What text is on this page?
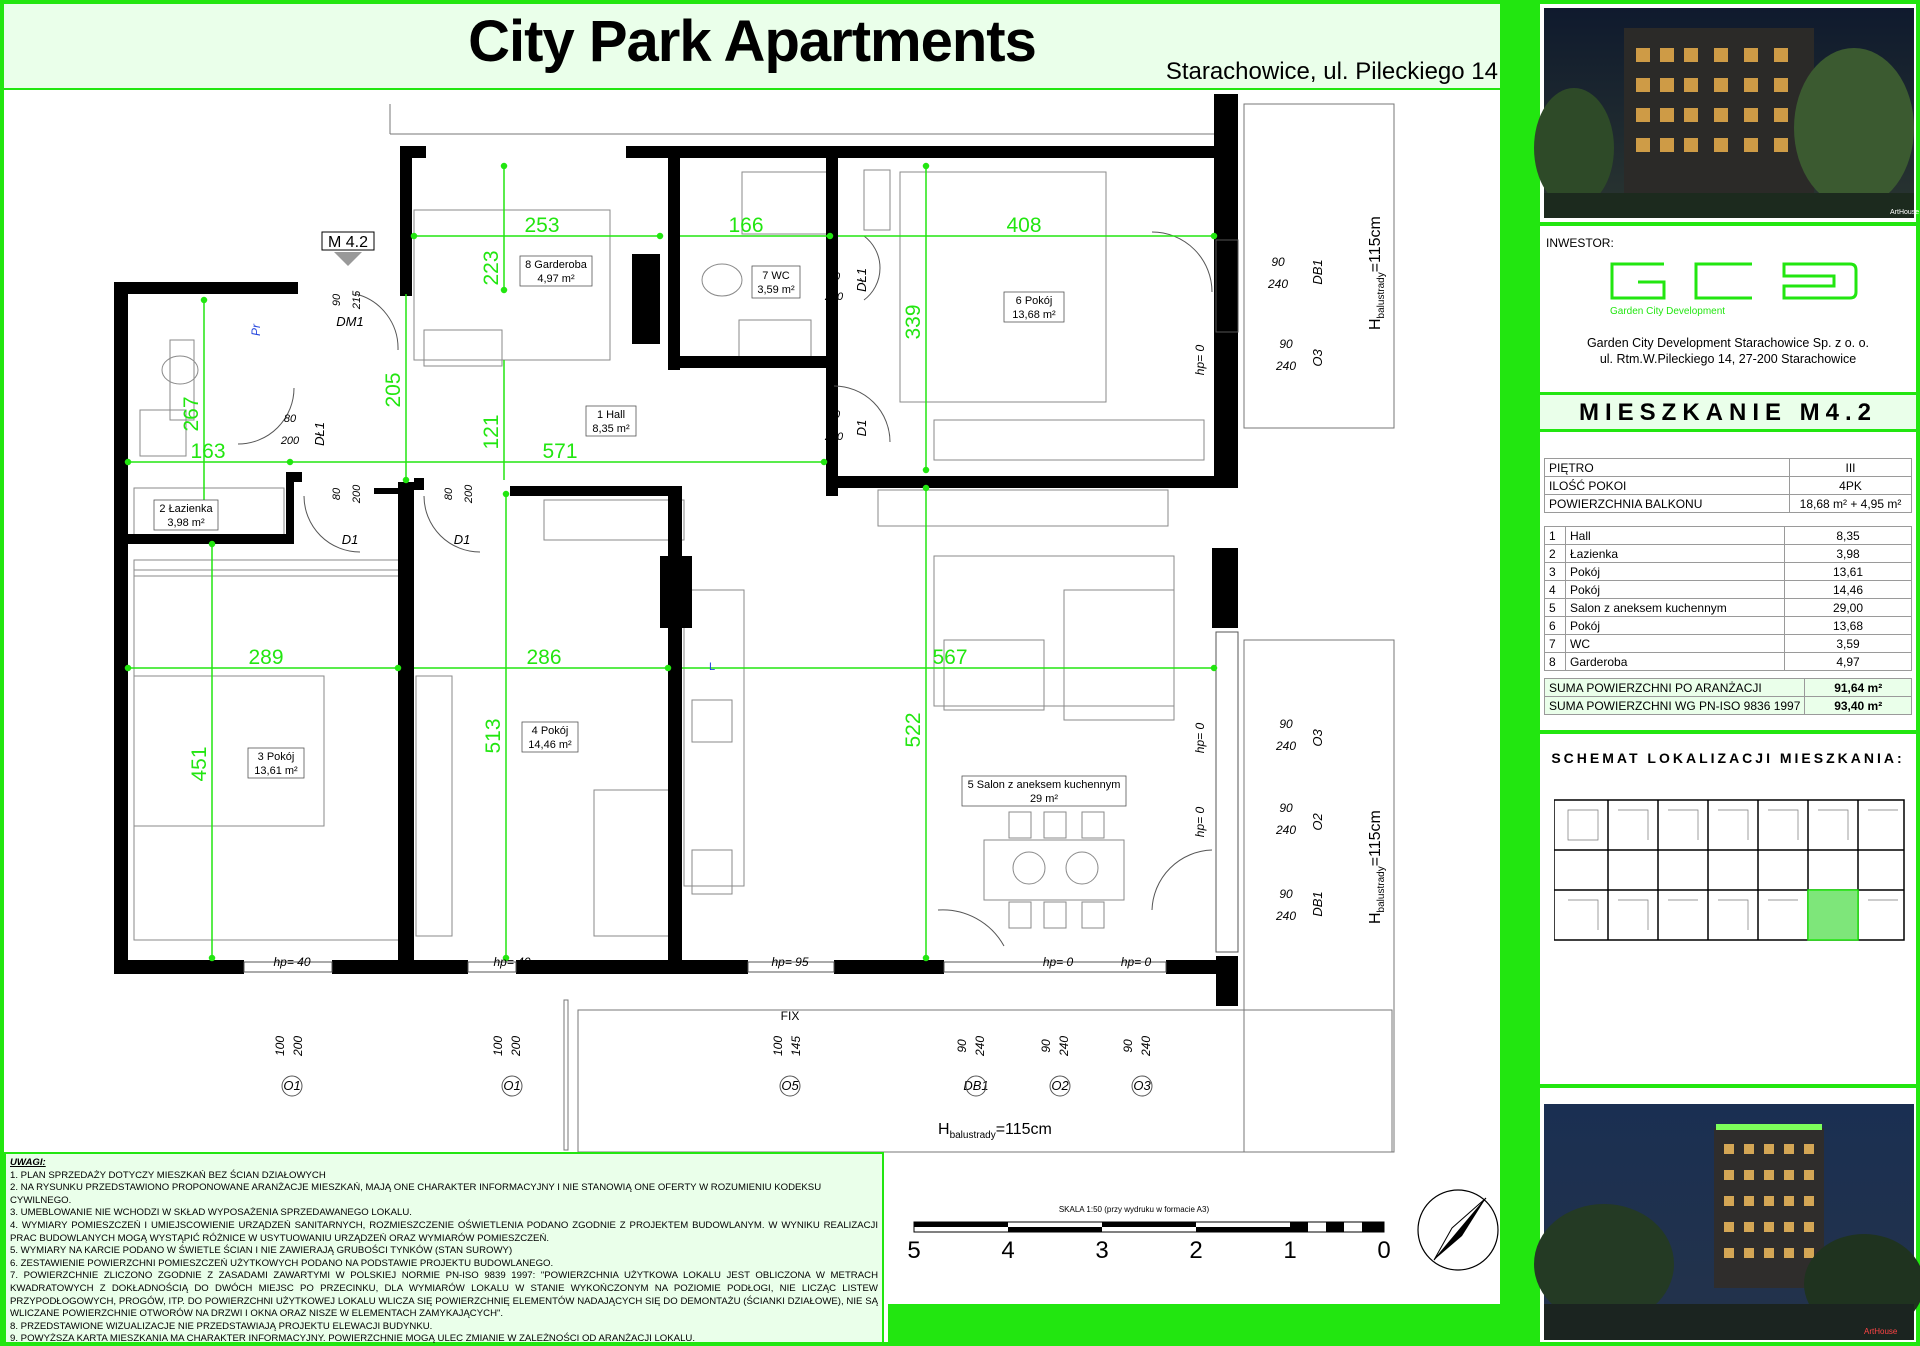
City Park Apartments	Starachowice, ul. Pileckiego 14
253	166	408
223
339
267
205
121
163	571
289	286	567
451
513	522
8 Garderoba
4,97 m²	7 WC
3,59 m²
6 Pokój
13,68 m²
1 Hall
8,35 m²
2 Łazienka
3,98 m²
3 Pokój
13,61 m²
4 Pokój
14,46 m²
5 Salon z aneksem kuchennym
29 m²
M 4.2
90 215
DM1
Pr
80
200 DŁ1
80
200
DŁ1
80
200
D1
80 200
D1
80 200
D1
L
90
240 DB1
90
240 O3
hp= 0
90
240 O3
hp= 0
90
240 O2
hp= 0
90
240 DB1
hp= 40	hp= 40	hp= 95	hp= 0	hp= 0
FIX
100 200
O1
100 200
O1
100 145
O5
90 240
DB1
90 240
O2
90 240
O3
$H_{balustrady}=115cm$
$H_{balustrady}=115cm$
$H_{balustrady}=115cm$
SKALA 1:50 (przy wydruku w formacie A3)
5	4	3	2	1	0

UWAGI:

1. PLAN SPRZEDAŻY DOTYCZY MIESZKAŃ BEZ ŚCIAN DZIAŁOWYCH

2. NA RYSUNKU PRZEDSTAWIONO PROPONOWANE ARANŻACJE MIESZKAŃ, MAJĄ ONE CHARAKTER INFORMACYJNY I NIE STANOWIĄ ONE OFERTY W ROZUMIENIU KODEKSU CYWILNEGO.

3. UMEBLOWANIE NIE WCHODZI W SKŁAD WYPOSAŻENIA SPRZEDAWANEGO LOKALU.

4. WYMIARY POMIESZCZEŃ I UMIEJSCOWIENIE URZĄDZEŃ SANITARNYCH, ROZMIESZCZENIE OŚWIETLENIA PODANO ZGODNIE Z PROJEKTEM BUDOWLANYM. W WYNIKU REALIZACJI PRAC BUDOWLANYCH MOGĄ WYSTĄPIĆ RÓŻNICE W USYTUOWANIU URZĄDZEŃ ORAZ WYMIARÓW POMIESZCZEŃ.

5. WYMIARY NA KARCIE PODANO W ŚWIETLE ŚCIAN I NIE ZAWIERAJĄ GRUBOŚCI TYNKÓW (STAN SUROWY)

6. ZESTAWIENIE POWIERZCHNI POMIESZCZEŃ UŻYTKOWYCH PODANO NA PODSTAWIE PROJEKTU BUDOWLANEGO.

7. POWIERZCHNIE ZLICZONO ZGODNIE Z ZASADAMI ZAWARTYMI W POLSKIEJ NORMIE PN-ISO 9839 1997: "POWIERZCHNIA UŻYTKOWA LOKALU JEST OBLICZONA W METRACH KWADRATOWYCH Z DOKŁADNOŚCIĄ DO DWÓCH MIEJSC PO PRZECINKU, DLA WYMIARÓW LOKALU W STANIE WYKOŃCZONYM NA POZIOMIE PODŁOGI, NIE LICZĄC LISTEW PRZYPODŁOGOWYCH, PROGÓW, ITP. DO POWIERZCHNI UŻYTKOWEJ LOKALU WLICZA SIĘ POWIERZCHNIĘ ELEMENTÓW NADAJĄCYCH SIĘ DO DEMONTAŻU (ŚCIANKI DZIAŁOWE), NIE SĄ WLICZANE POWIERZCHNIE OTWORÓW NA DRZWI I OKNA ORAZ NISZE W ELEMENTACH ZAMYKAJĄCYCH".

8. PRZEDSTAWIONE WIZUALIZACJE NIE PRZEDSTAWIAJĄ PROJEKTU ELEWACJI BUDYNKU.

9. POWYŻSZA KARTA MIESZKANIA MA CHARAKTER INFORMACYJNY. POWIERZCHNIE MOGĄ ULEC ZMIANIE W ZALEŻNOŚCI OD ARANŻACJI LOKALU.

ArtHouse
INWESTOR:
Garden City Development
Garden City Development Starachowice Sp. z o. o.
ul. Rtm.W.Pileckiego 14, 27-200 Starachowice
MIESZKANIE M4.2
PIĘTRO	III
ILOŚĆ POKOI	4PK
POWIERZCHNIA BALKONU	18,68 m² + 4,95 m²
1	Hall	8,35
2	Łazienka	3,98
3	Pokój	13,61
4	Pokój	14,46
5	Salon z aneksem kuchennym	29,00
6	Pokój	13,68
7	WC	3,59
8	Garderoba	4,97
SUMA POWIERZCHNI PO ARANŻACJI	91,64 m²
SUMA POWIERZCHNI WG PN-ISO 9836 1997	93,40 m²
SCHEMAT LOKALIZACJI MIESZKANIA:
ArtHouse
